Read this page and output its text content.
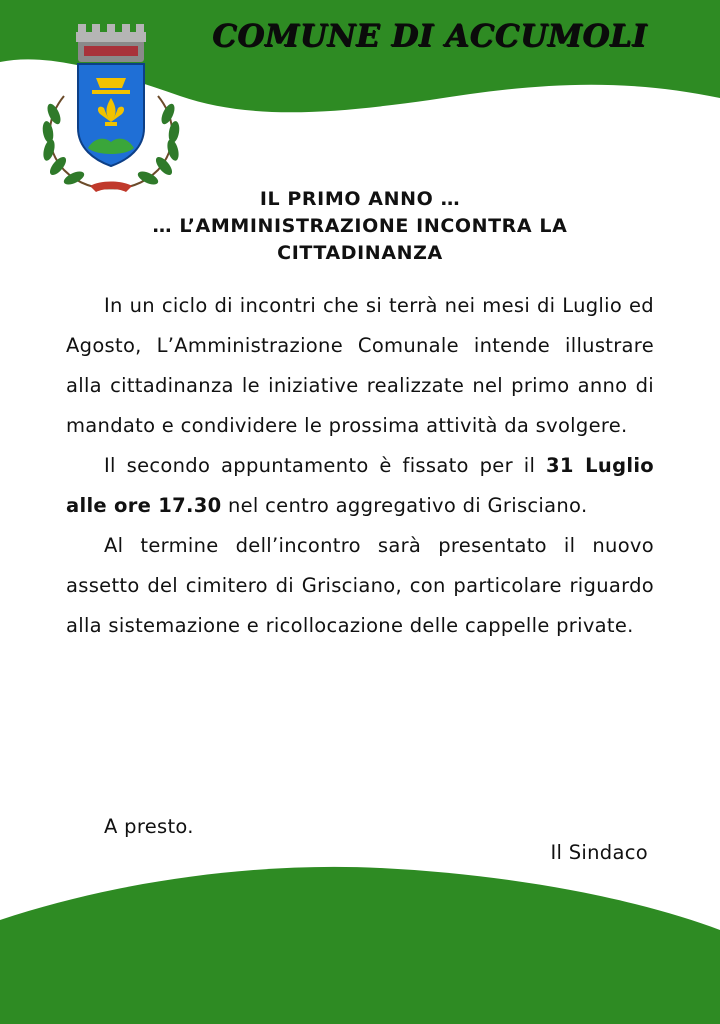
COMUNE DI ACCUMOLI
IL PRIMO ANNO …
… L’AMMINISTRAZIONE INCONTRA LA
CITTADINANZA

In un ciclo di incontri che si terrà nei mesi di Luglio ed Agosto, L’Amministrazione Comunale intende illustrare alla cittadinanza le iniziative realizzate nel primo anno di mandato e condividere le prossima attività da svolgere.

Il secondo appuntamento è fissato per il 31 Luglio alle ore 17.30 nel centro aggregativo di Grisciano.

Al termine dell’incontro sarà presentato il nuovo assetto del cimitero di Grisciano, con particolare riguardo alla sistemazione e ricollocazione delle cappelle private.

A presto.
Il Sindaco
